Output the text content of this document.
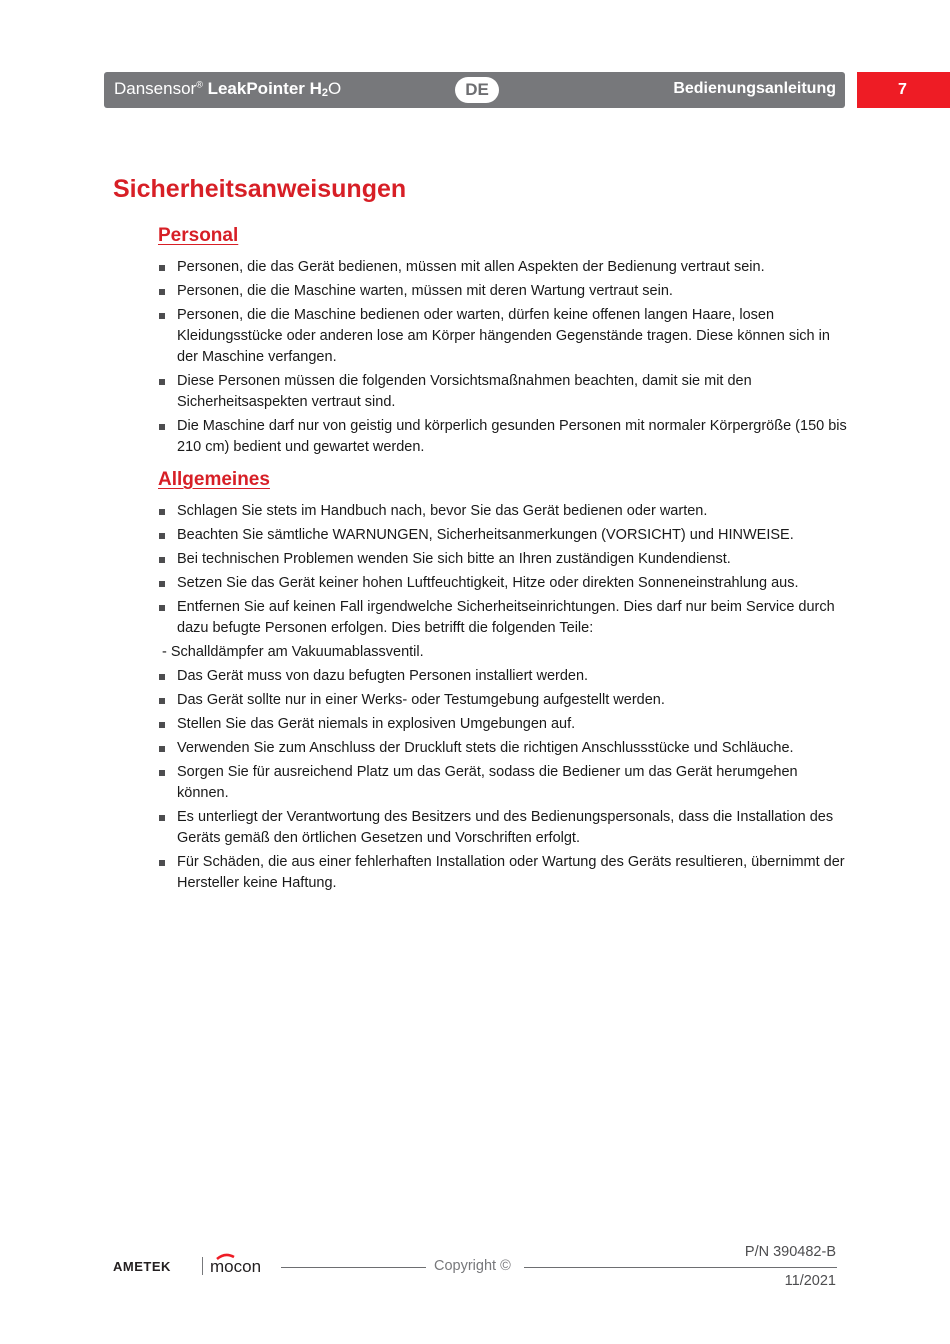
Dansensor® LeakPointer $H_2O$	DE	Bedienungsanleitung	7
Sicherheitsanweisungen
Personal
Personen, die das Gerät bedienen, müssen mit allen Aspekten der Bedienung vertraut sein.
Personen, die die Maschine warten, müssen mit deren Wartung vertraut sein.
Personen, die die Maschine bedienen oder warten, dürfen keine offenen langen Haare, losen Kleidungsstücke oder anderen lose am Körper hängenden Gegenstände tragen. Diese können sich in der Maschine verfangen.
Diese Personen müssen die folgenden Vorsichtsmaßnahmen beachten, damit sie mit den Sicherheitsaspekten vertraut sind.
Die Maschine darf nur von geistig und körperlich gesunden Personen mit normaler Körpergröße (150 bis 210 cm) bedient und gewartet werden.
Allgemeines
Schlagen Sie stets im Handbuch nach, bevor Sie das Gerät bedienen oder warten.
Beachten Sie sämtliche WARNUNGEN, Sicherheitsanmerkungen (VORSICHT) und HINWEISE.
Bei technischen Problemen wenden Sie sich bitte an Ihren zuständigen Kundendienst.
Setzen Sie das Gerät keiner hohen Luftfeuchtigkeit, Hitze oder direkten Sonneneinstrahlung aus.
Entfernen Sie auf keinen Fall irgendwelche Sicherheitseinrichtungen. Dies darf nur beim Service durch dazu befugte Personen erfolgen. Dies betrifft die folgenden Teile:
- Schalldämpfer am Vakuumablassventil.
Das Gerät muss von dazu befugten Personen installiert werden.
Das Gerät sollte nur in einer Werks- oder Testumgebung aufgestellt werden.
Stellen Sie das Gerät niemals in explosiven Umgebungen auf.
Verwenden Sie zum Anschluss der Druckluft stets die richtigen Anschlussstücke und Schläuche.
Sorgen Sie für ausreichend Platz um das Gerät, sodass die Bediener um das Gerät herumgehen können.
Es unterliegt der Verantwortung des Besitzers und des Bedienungspersonals, dass die Installation des Geräts gemäß den örtlichen Gesetzen und Vorschriften erfolgt.
Für Schäden, die aus einer fehlerhaften Installation oder Wartung des Geräts resultieren, übernimmt der Hersteller keine Haftung.
AMETEK mocon	Copyright ©
P/N 390482-B
11/2021
